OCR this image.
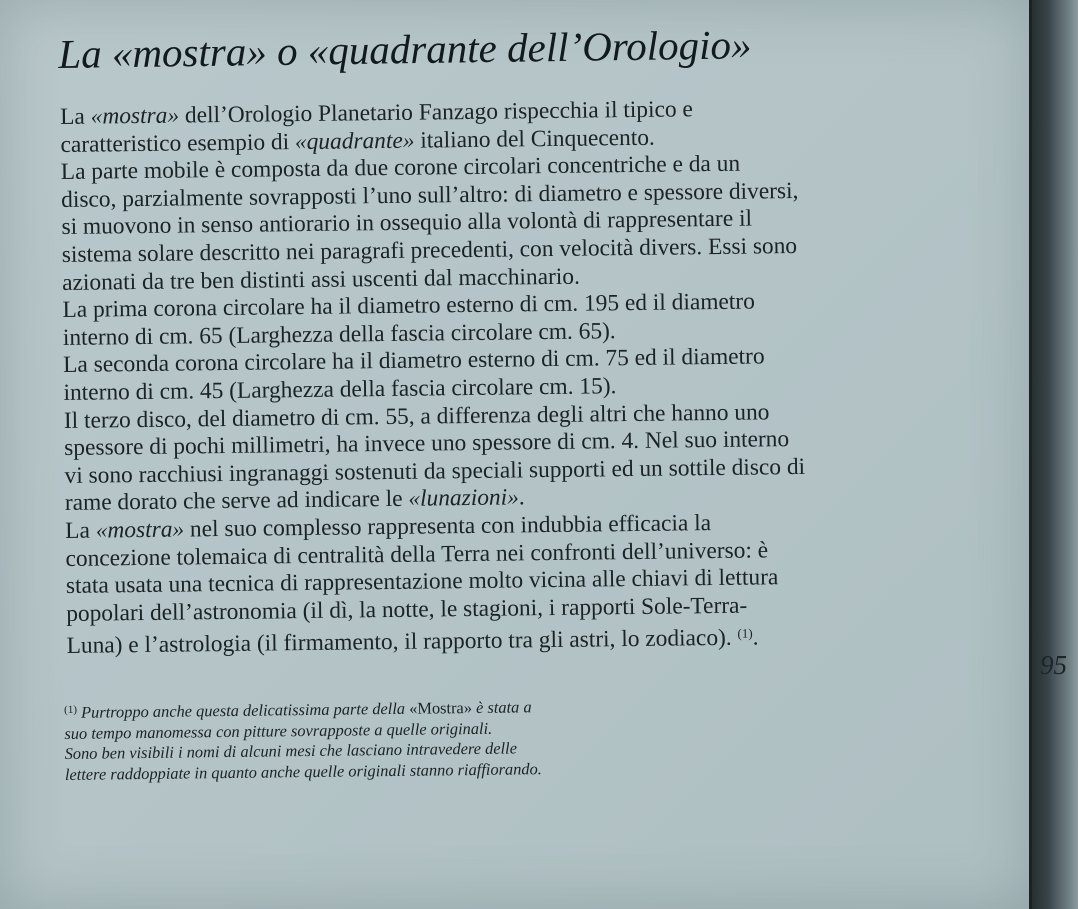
La «mostra» o «quadrante dell’Orologio»

La «mostra» dell’Orologio Planetario Fanzago rispecchia il tipico e

caratteristico esempio di «quadrante» italiano del Cinquecento.

La parte mobile è composta da due corone circolari concentriche e da un

disco, parzialmente sovrapposti l’uno sull’altro: di diametro e spessore diversi,

si muovono in senso antiorario in ossequio alla volontà di rappresentare il

sistema solare descritto nei paragrafi precedenti, con velocità divers. Essi sono

azionati da tre ben distinti assi uscenti dal macchinario.

La prima corona circolare ha il diametro esterno di cm. 195 ed il diametro

interno di cm. 65 (Larghezza della fascia circolare cm. 65).

La seconda corona circolare ha il diametro esterno di cm. 75 ed il diametro

interno di cm. 45 (Larghezza della fascia circolare cm. 15).

Il terzo disco, del diametro di cm. 55, a differenza degli altri che hanno uno

spessore di pochi millimetri, ha invece uno spessore di cm. 4. Nel suo interno

vi sono racchiusi ingranaggi sostenuti da speciali supporti ed un sottile disco di

rame dorato che serve ad indicare le «lunazioni».

La «mostra» nel suo complesso rappresenta con indubbia efficacia la

concezione tolemaica di centralità della Terra nei confronti dell’universo: è

stata usata una tecnica di rappresentazione molto vicina alle chiavi di lettura

popolari dell’astronomia (il dì, la notte, le stagioni, i rapporti Sole-Terra-

Luna) e l’astrologia (il firmamento, il rapporto tra gli astri, lo zodiaco). $^{(1)}$.

$^{(1)}$ Purtroppo anche questa delicatissima parte della «Mostra» è stata a

suo tempo manomessa con pitture sovrapposte a quelle originali.

Sono ben visibili i nomi di alcuni mesi che lasciano intravedere delle

lettere raddoppiate in quanto anche quelle originali stanno riaffiorando.

95
